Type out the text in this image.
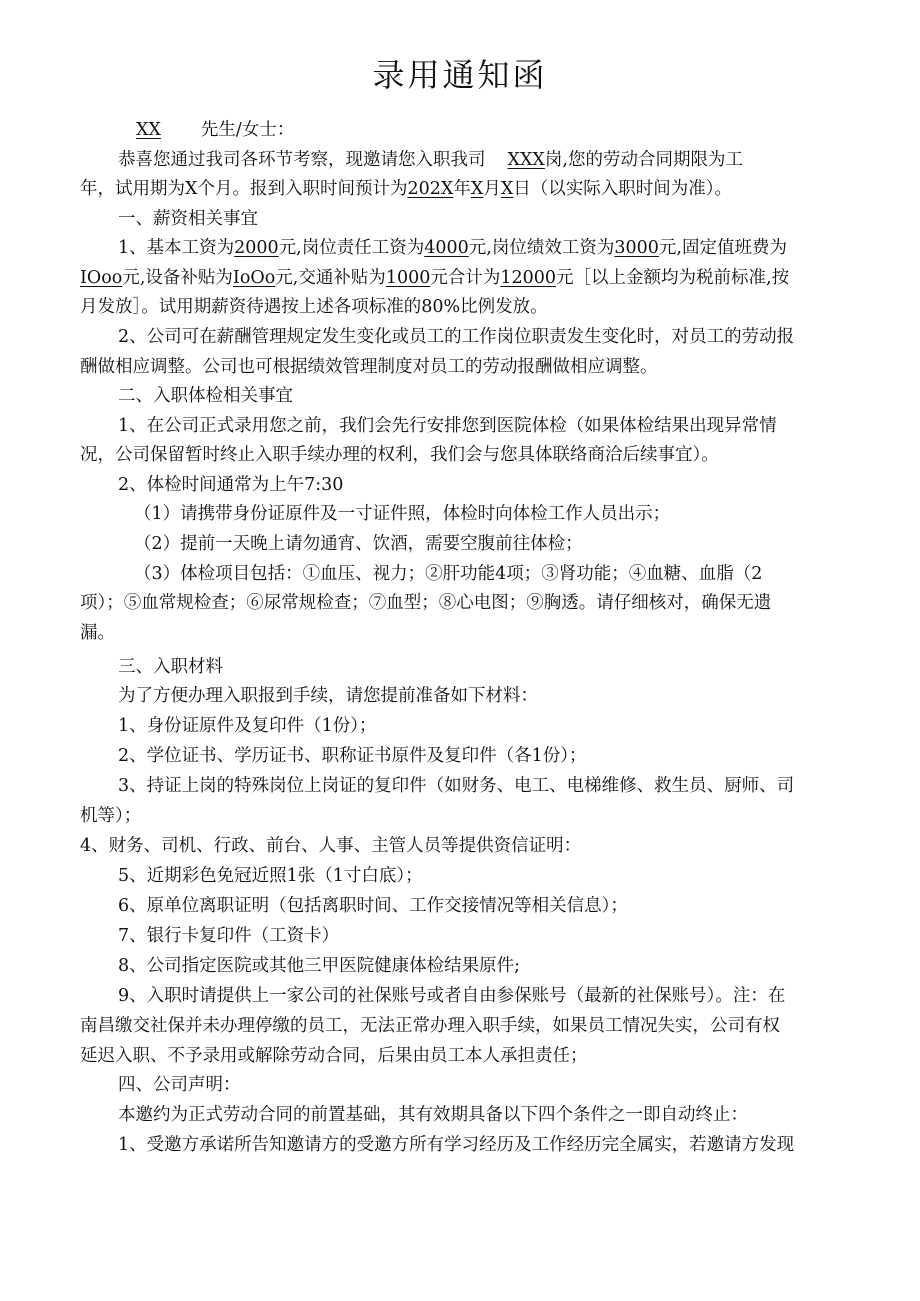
录用通知函
XX 先生/女士：
恭喜您通过我司各环节考察，现邀请您入职我司 XXX岗,您的劳动合同期限为工
年，试用期为X个月。报到入职时间预计为202X年X月X日（以实际入职时间为准）。
一、薪资相关事宜
1、基本工资为2000元,岗位责任工资为4000元,岗位绩效工资为3000元,固定值班费为
IOoo元,设备补贴为IoOo元,交通补贴为1000元合计为12000元［以上金额均为税前标准,按
月发放］。试用期薪资待遇按上述各项标准的80%比例发放。
2、公司可在薪酬管理规定发生变化或员工的工作岗位职责发生变化时，对员工的劳动报
酬做相应调整。公司也可根据绩效管理制度对员工的劳动报酬做相应调整。
二、入职体检相关事宜
1、在公司正式录用您之前，我们会先行安排您到医院体检（如果体检结果出现异常情
况，公司保留暂时终止入职手续办理的权利，我们会与您具体联络商洽后续事宜）。
2、体检时间通常为上午7:30
（1）请携带身份证原件及一寸证件照，体检时向体检工作人员出示；
（2）提前一天晚上请勿通宵、饮酒，需要空腹前往体检；
（3）体检项目包括：①血压、视力；②肝功能4项；③肾功能；④血糖、血脂（2
项）；⑤血常规检查；⑥尿常规检查；⑦血型；⑧心电图；⑨胸透。请仔细核对，确保无遗
漏。
三、入职材料
为了方便办理入职报到手续，请您提前准备如下材料：
1、身份证原件及复印件（1份）；
2、学位证书、学历证书、职称证书原件及复印件（各1份）；
3、持证上岗的特殊岗位上岗证的复印件（如财务、电工、电梯维修、救生员、厨师、司
机等）；
4、财务、司机、行政、前台、人事、主管人员等提供资信证明：
5、近期彩色免冠近照1张（1寸白底）；
6、原单位离职证明（包括离职时间、工作交接情况等相关信息）；
7、银行卡复印件（工资卡）
8、公司指定医院或其他三甲医院健康体检结果原件;
9、入职时请提供上一家公司的社保账号或者自由参保账号（最新的社保账号）。注：在
南昌缴交社保并未办理停缴的员工，无法正常办理入职手续，如果员工情况失实，公司有权
延迟入职、不予录用或解除劳动合同，后果由员工本人承担责任；
四、公司声明：
本邀约为正式劳动合同的前置基础，其有效期具备以下四个条件之一即自动终止：
1、受邀方承诺所告知邀请方的受邀方所有学习经历及工作经历完全属实，若邀请方发现
